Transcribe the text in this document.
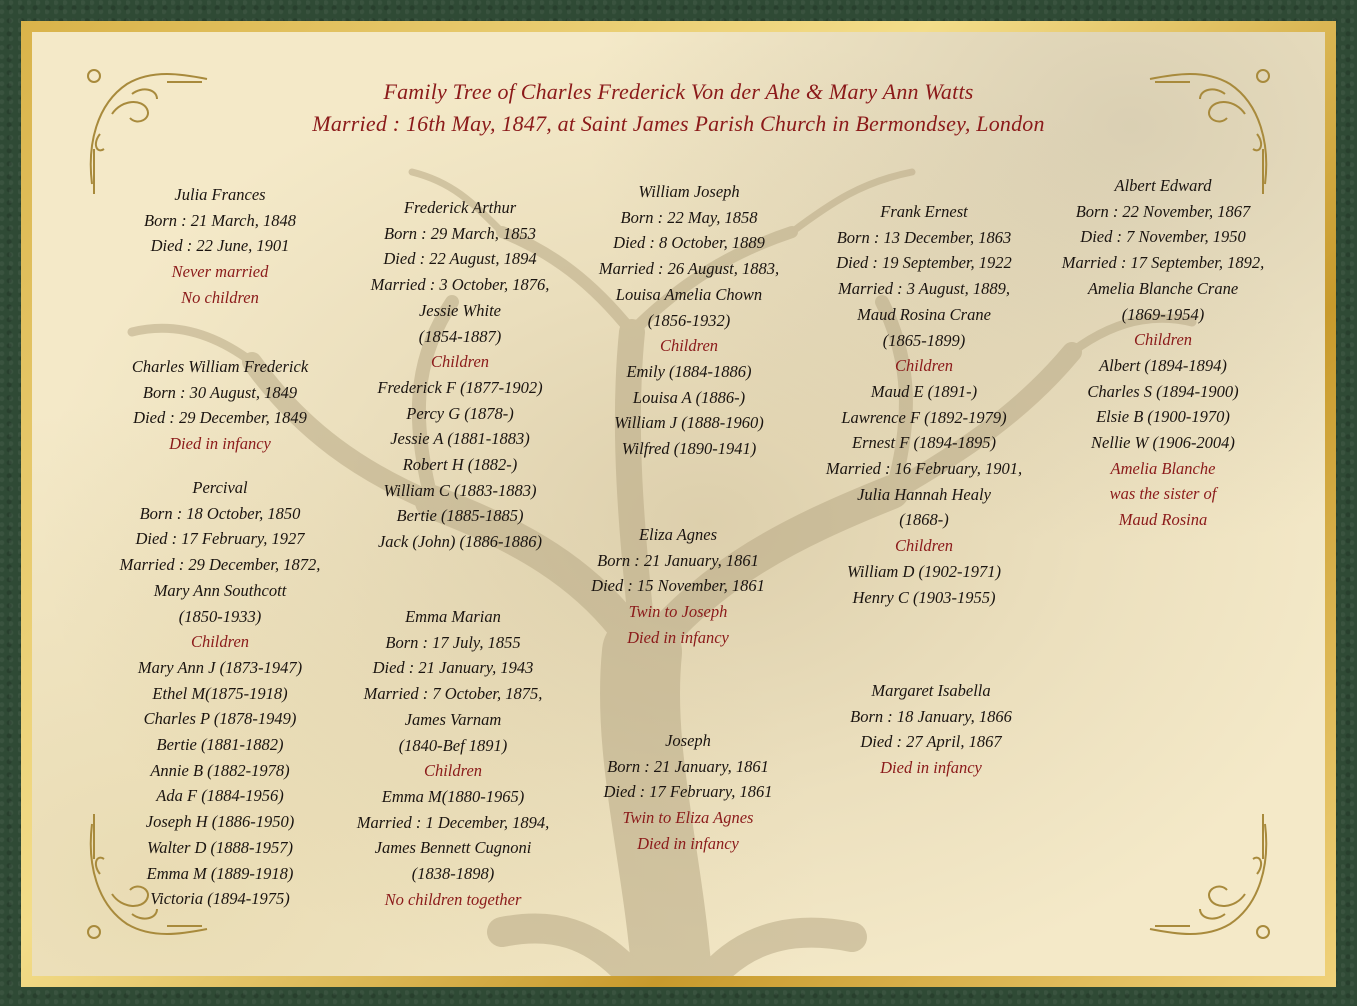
Family Tree of Charles Frederick Von der Ahe & Mary Ann Watts
Married : 16th May, 1847, at Saint James Parish Church in Bermondsey, London
Julia Frances
Born : 21 March, 1848
Died : 22 June, 1901
Never married
No children
Charles William Frederick
Born : 30 August, 1849
Died : 29 December, 1849
Died in infancy
Percival
Born : 18 October, 1850
Died : 17 February, 1927
Married : 29 December, 1872,
Mary Ann Southcott
(1850-1933)
Children
Mary Ann J (1873-1947)
Ethel M(1875-1918)
Charles P (1878-1949)
Bertie (1881-1882)
Annie B (1882-1978)
Ada F (1884-1956)
Joseph H (1886-1950)
Walter D (1888-1957)
Emma M (1889-1918)
Victoria (1894-1975)
Frederick Arthur
Born : 29 March, 1853
Died : 22 August, 1894
Married : 3 October, 1876,
Jessie White
(1854-1887)
Children
Frederick F (1877-1902)
Percy G (1878-)
Jessie A (1881-1883)
Robert H (1882-)
William C (1883-1883)
Bertie (1885-1885)
Jack (John) (1886-1886)
Emma Marian
Born : 17 July, 1855
Died : 21 January, 1943
Married : 7 October, 1875,
James Varnam
(1840-Bef 1891)
Children
Emma M(1880-1965)
Married : 1 December, 1894,
James Bennett Cugnoni
(1838-1898)
No children together
William Joseph
Born : 22 May, 1858
Died : 8 October, 1889
Married : 26 August, 1883,
Louisa Amelia Chown
(1856-1932)
Children
Emily (1884-1886)
Louisa A (1886-)
William J (1888-1960)
Wilfred (1890-1941)
Eliza Agnes
Born : 21 January, 1861
Died : 15 November, 1861
Twin to Joseph
Died in infancy
Joseph
Born : 21 January, 1861
Died : 17 February, 1861
Twin to Eliza Agnes
Died in infancy
Frank Ernest
Born : 13 December, 1863
Died : 19 September, 1922
Married : 3 August, 1889,
Maud Rosina Crane
(1865-1899)
Children
Maud E (1891-)
Lawrence F (1892-1979)
Ernest F (1894-1895)
Married : 16 February, 1901,
Julia Hannah Healy
(1868-)
Children
William D (1902-1971)
Henry C (1903-1955)
Margaret Isabella
Born : 18 January, 1866
Died : 27 April, 1867
Died in infancy
Albert Edward
Born : 22 November, 1867
Died : 7 November, 1950
Married : 17 September, 1892,
Amelia Blanche Crane
(1869-1954)
Children
Albert (1894-1894)
Charles S (1894-1900)
Elsie B (1900-1970)
Nellie W (1906-2004)
Amelia Blanche
was the sister of
Maud Rosina
